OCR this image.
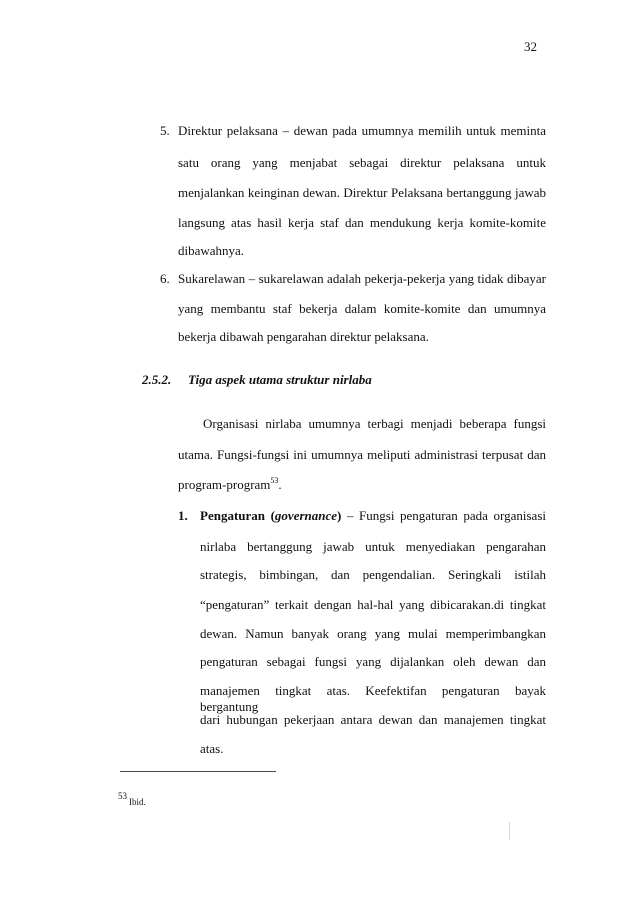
32
5. Direktur pelaksana – dewan pada umumnya memilih untuk meminta
satu orang yang menjabat sebagai direktur pelaksana untuk
menjalankan keinginan dewan. Direktur Pelaksana bertanggung jawab
langsung atas hasil kerja staf dan mendukung kerja komite-komite
dibawahnya.
6. Sukarelawan – sukarelawan adalah pekerja-pekerja yang tidak dibayar
yang membantu staf bekerja dalam komite-komite dan umumnya
bekerja dibawah pengarahan direktur pelaksana.
2.5.2. Tiga aspek utama struktur nirlaba
Organisasi nirlaba umumnya terbagi menjadi beberapa fungsi
utama. Fungsi-fungsi ini umumnya meliputi administrasi terpusat dan
program-program$^{53}$.
1. Pengaturan (governance) – Fungsi pengaturan pada organisasi
nirlaba bertanggung jawab untuk menyediakan pengarahan
strategis, bimbingan, dan pengendalian. Seringkali istilah
“pengaturan” terkait dengan hal-hal yang dibicarakan.di tingkat
dewan. Namun banyak orang yang mulai memperimbangkan
pengaturan sebagai fungsi yang dijalankan oleh dewan dan
manajemen tingkat atas. Keefektifan pengaturan bayak bergantung
dari hubungan pekerjaan antara dewan dan manajemen tingkat
atas.
53Ibid.
